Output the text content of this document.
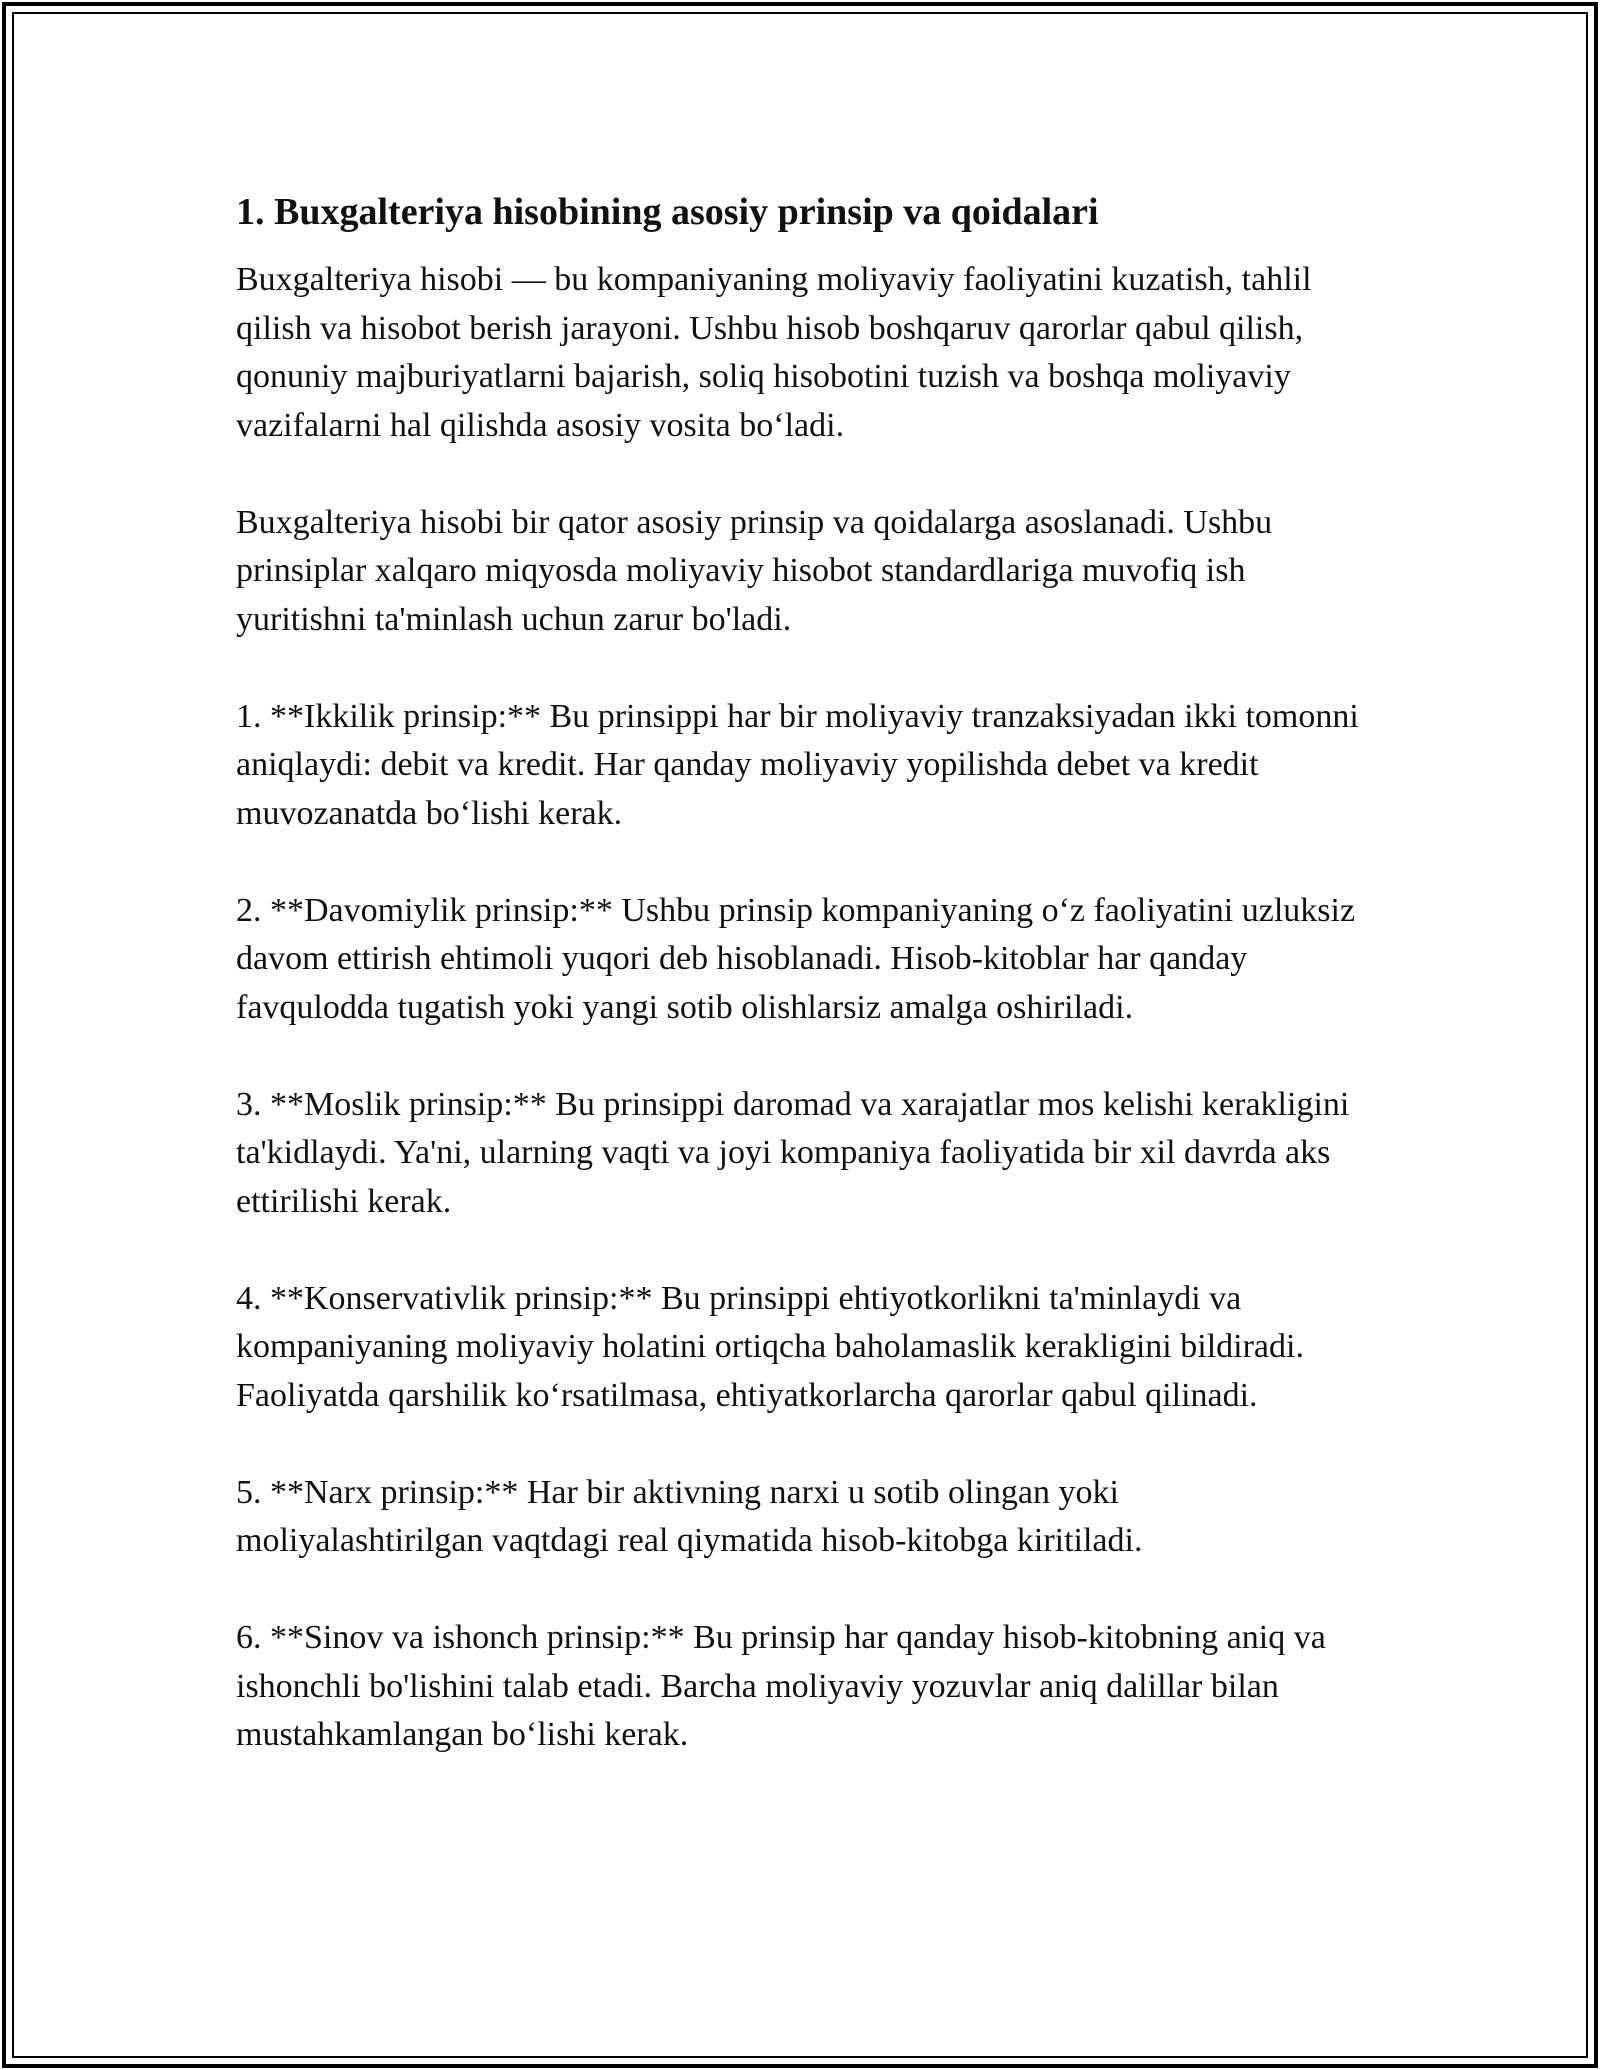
1. Buxgalteriya hisobining asosiy prinsip va qoidalari

Buxgalteriya hisobi — bu kompaniyaning moliyaviy faoliyatini kuzatish, tahlil qilish va hisobot berish jarayoni. Ushbu hisob boshqaruv qarorlar qabul qilish, qonuniy majburiyatlarni bajarish, soliq hisobotini tuzish va boshqa moliyaviy vazifalarni hal qilishda asosiy vosita bo‘ladi.

Buxgalteriya hisobi bir qator asosiy prinsip va qoidalarga asoslanadi. Ushbu prinsiplar xalqaro miqyosda moliyaviy hisobot standardlariga muvofiq ish yuritishni ta'minlash uchun zarur bo'ladi.

1. **Ikkilik prinsip:** Bu prinsippi har bir moliyaviy tranzaksiyadan ikki tomonni aniqlaydi: debit va kredit. Har qanday moliyaviy yopilishda debet va kredit muvozanatda bo‘lishi kerak.

2. **Davomiylik prinsip:** Ushbu prinsip kompaniyaning o‘z faoliyatini uzluksiz davom ettirish ehtimoli yuqori deb hisoblanadi. Hisob-kitoblar har qanday favqulodda tugatish yoki yangi sotib olishlarsiz amalga oshiriladi.

3. **Moslik prinsip:** Bu prinsippi daromad va xarajatlar mos kelishi kerakligini ta'kidlaydi. Ya'ni, ularning vaqti va joyi kompaniya faoliyatida bir xil davrda aks ettirilishi kerak.

4. **Konservativlik prinsip:** Bu prinsippi ehtiyotkorlikni ta'minlaydi va kompaniyaning moliyaviy holatini ortiqcha baholamaslik kerakligini bildiradi. Faoliyatda qarshilik ko‘rsatilmasa, ehtiyatkorlarcha qarorlar qabul qilinadi.

5. **Narx prinsip:** Har bir aktivning narxi u sotib olingan yoki moliyalashtirilgan vaqtdagi real qiymatida hisob-kitobga kiritiladi.

6. **Sinov va ishonch prinsip:** Bu prinsip har qanday hisob-kitobning aniq va ishonchli bo'lishini talab etadi. Barcha moliyaviy yozuvlar aniq dalillar bilan mustahkamlangan bo‘lishi kerak.
